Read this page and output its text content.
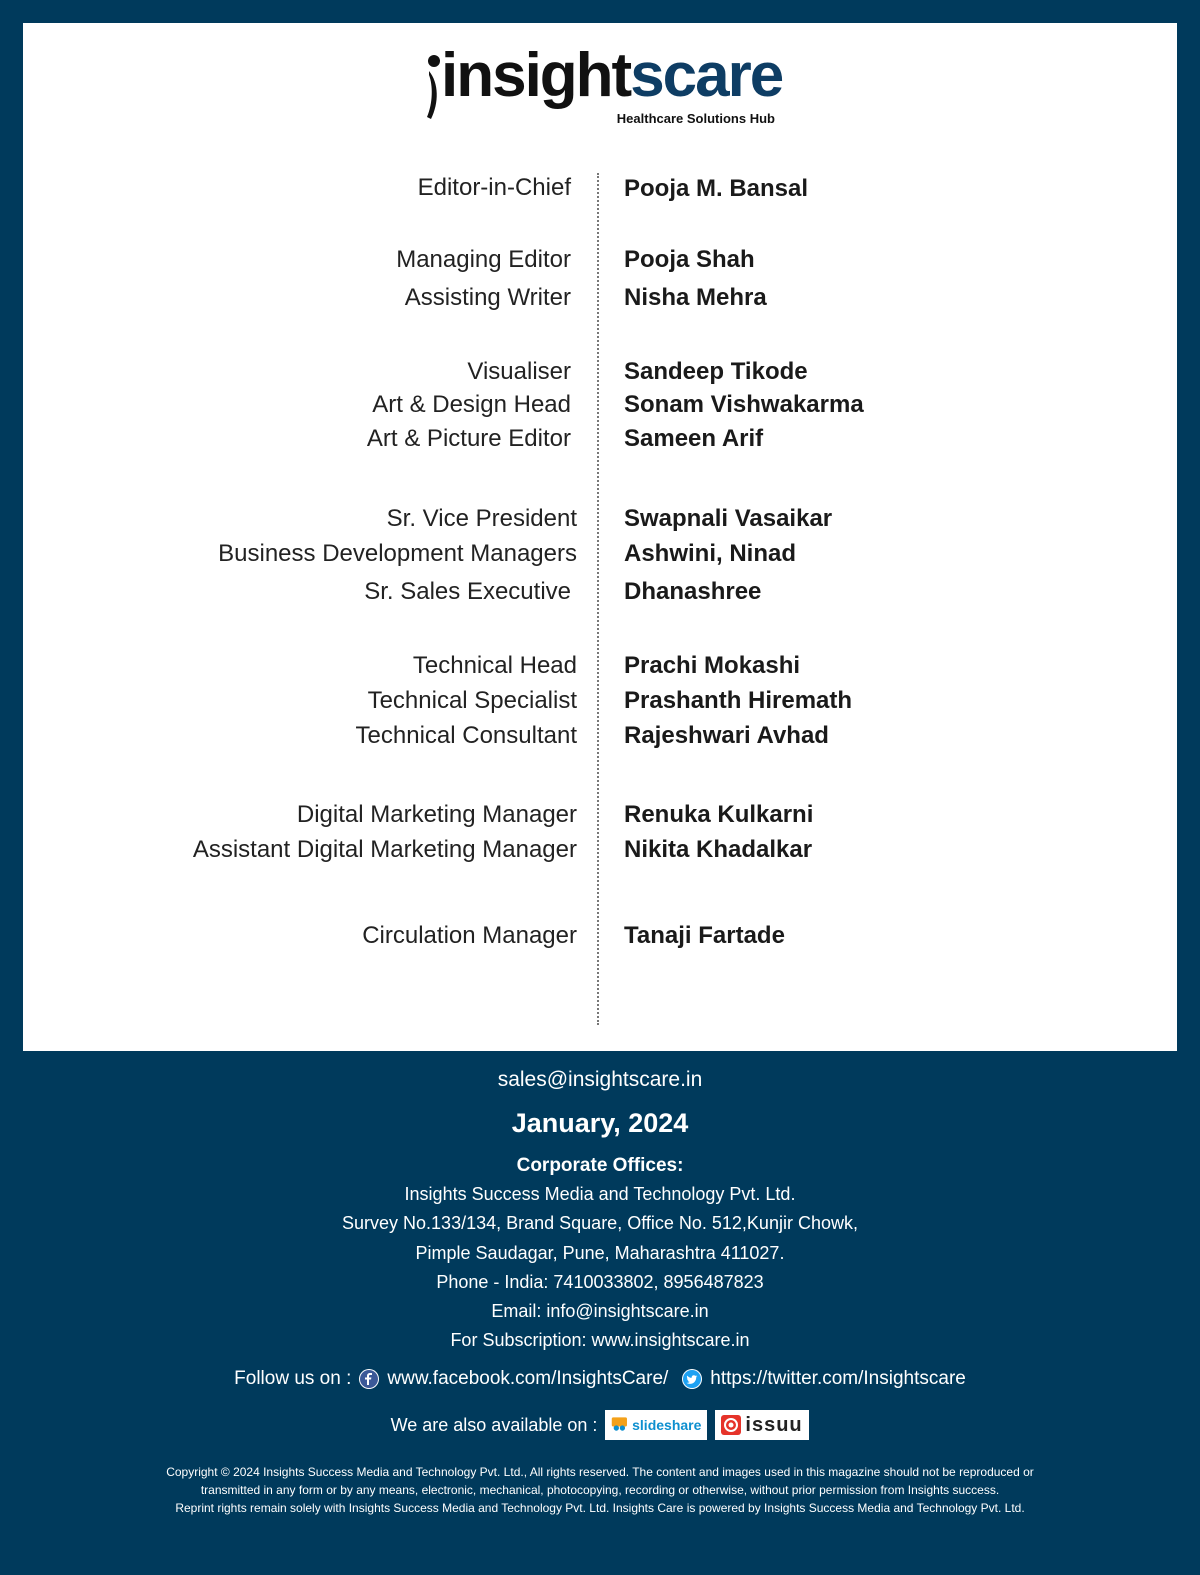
insightscare
Healthcare Solutions Hub
Editor-in-Chief Pooja M. Bansal
Managing Editor Pooja Shah
Assisting Writer Nisha Mehra
Visualiser Sandeep Tikode
Art & Design Head Sonam Vishwakarma
Art & Picture Editor Sameen Arif
Sr. Vice President Swapnali Vasaikar
Business Development Managers Ashwini, Ninad
Sr. Sales Executive Dhanashree
Technical Head Prachi Mokashi
Technical Specialist Prashanth Hiremath
Technical Consultant Rajeshwari Avhad
Digital Marketing Manager Renuka Kulkarni
Assistant Digital Marketing Manager Nikita Khadalkar
Circulation Manager Tanaji Fartade
sales@insightscare.in
January, 2024
Corporate Offices:
Insights Success Media and Technology Pvt. Ltd.
Survey No.133/134, Brand Square, Office No. 512,Kunjir Chowk,
Pimple Saudagar, Pune, Maharashtra 411027.
Phone - India: 7410033802, 8956487823
Email: info@insightscare.in
For Subscription: www.insightscare.in
Follow us on : www.facebook.com/InsightsCare/ https://twitter.com/Insightscare
We are also available on : slideshare issuu
Copyright © 2024 Insights Success Media and Technology Pvt. Ltd., All rights reserved. The content and images used in this magazine should not be reproduced or
transmitted in any form or by any means, electronic, mechanical, photocopying, recording or otherwise, without prior permission from Insights success.
Reprint rights remain solely with Insights Success Media and Technology Pvt. Ltd. Insights Care is powered by Insights Success Media and Technology Pvt. Ltd.
